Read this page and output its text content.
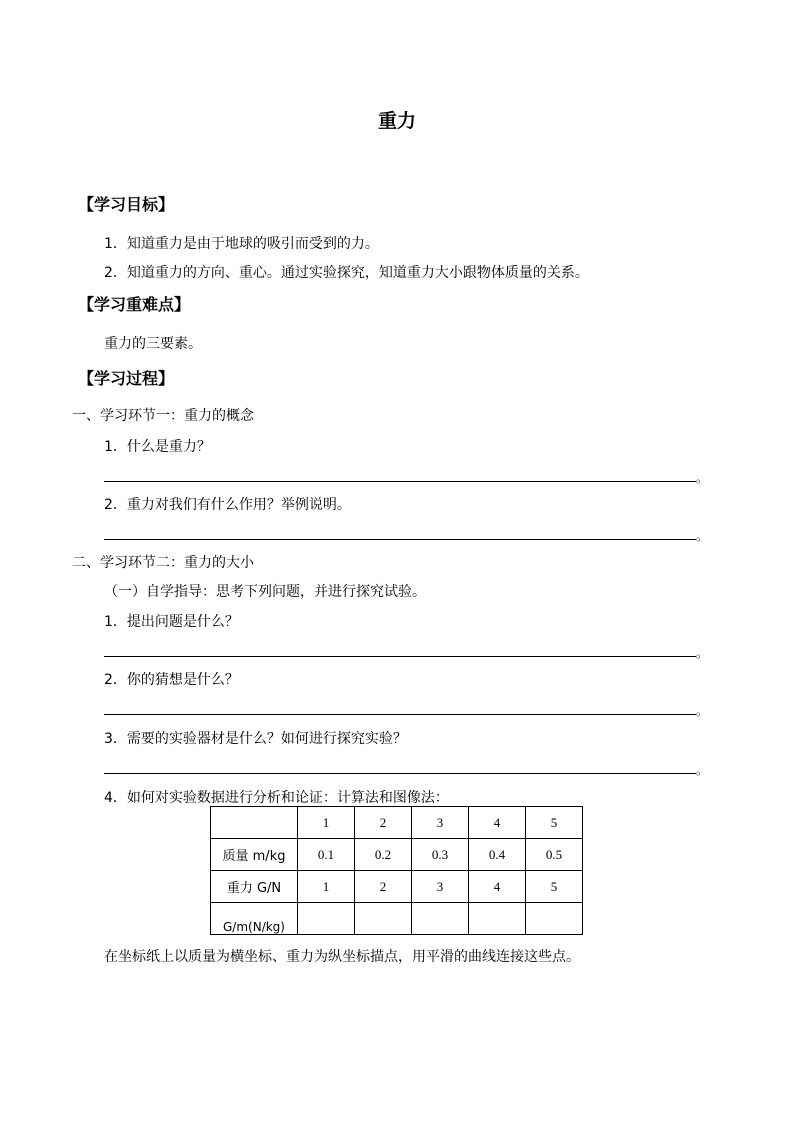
重力
【学习目标】
1．知道重力是由于地球的吸引而受到的力。
2．知道重力的方向、重心。通过实验探究，知道重力大小跟物体质量的关系。
【学习重难点】
重力的三要素。
【学习过程】
一、学习环节一：重力的概念
1．什么是重力？
。
2．重力对我们有什么作用？举例说明。
。
二、学习环节二：重力的大小
（一）自学指导：思考下列问题，并进行探究试验。
1．提出问题是什么？
。
2．你的猜想是什么？
。
3．需要的实验器材是什么？如何进行探究实验？
。
4．如何对实验数据进行分析和论证：计算法和图像法：
	1	2	3	4	5
质量 m/kg	0.1	0.2	0.3	0.4	0.5
重力 G/N	1	2	3	4	5
G/m(N/kg)					
在坐标纸上以质量为横坐标、重力为纵坐标描点，用平滑的曲线连接这些点。
